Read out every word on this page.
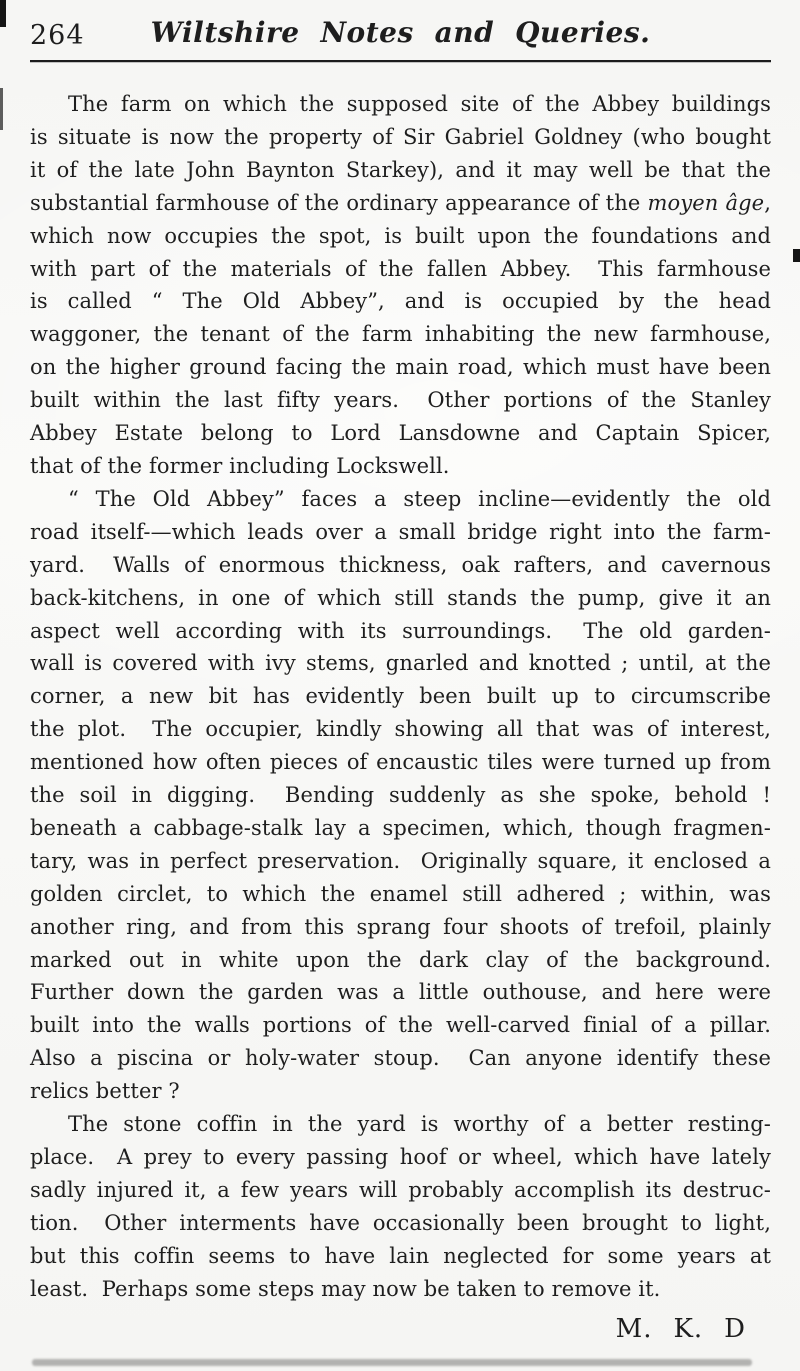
264	Wiltshire Notes and Queries.
The farm on which the supposed site of the Abbey buildings
is situate is now the property of Sir Gabriel Goldney (who bought
it of the late John Baynton Starkey), and it may well be that the
substantial farmhouse of the ordinary appearance of the moyen âge,
which now occupies the spot, is built upon the foundations and
with part of the materials of the fallen Abbey.  This farmhouse
is called “ The Old Abbey”, and is occupied by the head
waggoner, the tenant of the farm inhabiting the new farmhouse,
on the higher ground facing the main road, which must have been
built within the last fifty years.  Other portions of the Stanley
Abbey Estate belong to Lord Lansdowne and Captain Spicer,
that of the former including Lockswell.
“ The Old Abbey” faces a steep incline—evidently the old
road itself-—which leads over a small bridge right into the farm-
yard.  Walls of enormous thickness, oak rafters, and cavernous
back-kitchens, in one of which still stands the pump, give it an
aspect well according with its surroundings.  The old garden-
wall is covered with ivy stems, gnarled and knotted ; until, at the
corner, a new bit has evidently been built up to circumscribe
the plot.  The occupier, kindly showing all that was of interest,
mentioned how often pieces of encaustic tiles were turned up from
the soil in digging.  Bending suddenly as she spoke, behold !
beneath a cabbage-stalk lay a specimen, which, though fragmen-
tary, was in perfect preservation.  Originally square, it enclosed a
golden circlet, to which the enamel still adhered ; within, was
another ring, and from this sprang four shoots of trefoil, plainly
marked out in white upon the dark clay of the background.
Further down the garden was a little outhouse, and here were
built into the walls portions of the well-carved finial of a pillar.
Also a piscina or holy-water stoup.  Can anyone identify these
relics better ?
The stone coffin in the yard is worthy of a better resting-
place.  A prey to every passing hoof or wheel, which have lately
sadly injured it, a few years will probably accomplish its destruc-
tion.  Other interments have occasionally been brought to light,
but this coffin seems to have lain neglected for some years at
least.  Perhaps some steps may now be taken to remove it.
M. K. D
